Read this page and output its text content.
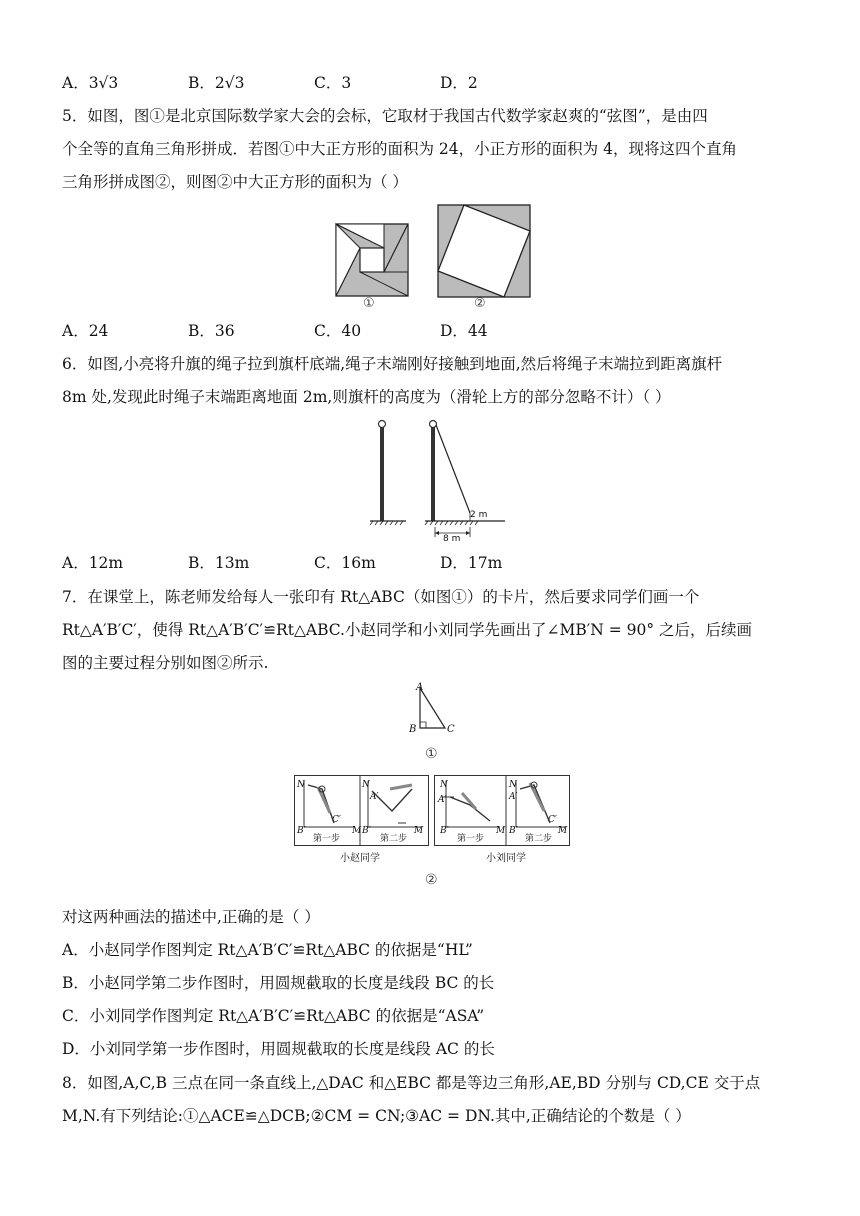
A．3√3	B．2√3	C．3	D．2
5．如图，图①是北京国际数学家大会的会标，它取材于我国古代数学家赵爽的“弦图”，是由四
个全等的直角三角形拼成．若图①中大正方形的面积为 24，小正方形的面积为 4，现将这四个直角
三角形拼成图②，则图②中大正方形的面积为（ ）
①	②
A．24	B．36	C．40	D．44
6．如图,小亮将升旗的绳子拉到旗杆底端,绳子末端刚好接触到地面,然后将绳子末端拉到距离旗杆
8m 处,发现此时绳子末端距离地面 2m,则旗杆的高度为（滑轮上方的部分忽略不计）（ ）
2 m
8 m
A．12m	B．13m	C．16m	D．17m
7．在课堂上，陈老师发给每人一张印有 Rt△ABC（如图①）的卡片，然后要求同学们画一个
Rt△A′B′C′，使得 Rt△A′B′C′≌Rt△ABC.小赵同学和小刘同学先画出了∠MB′N = 90° 之后，后续画
图的主要过程分别如图②所示.
A
B	C
①
N
B′	M
C′
第一步
N
A′
B′	M
第二步
N
A′
B′	M
第一步
N
A′
B′	M
C′
第二步
小赵同学	小刘同学
②
对这两种画法的描述中,正确的是（ ）
A．小赵同学作图判定 Rt△A′B′C′≌Rt△ABC 的依据是“HL”
B．小赵同学第二步作图时，用圆规截取的长度是线段 BC 的长
C．小刘同学作图判定 Rt△A′B′C′≌Rt△ABC 的依据是“ASA”
D．小刘同学第一步作图时，用圆规截取的长度是线段 AC 的长
8．如图,A,C,B 三点在同一条直线上,△DAC 和△EBC 都是等边三角形,AE,BD 分别与 CD,CE 交于点
M,N.有下列结论:①△ACE≌△DCB;②CM = CN;③AC = DN.其中,正确结论的个数是（ ）
